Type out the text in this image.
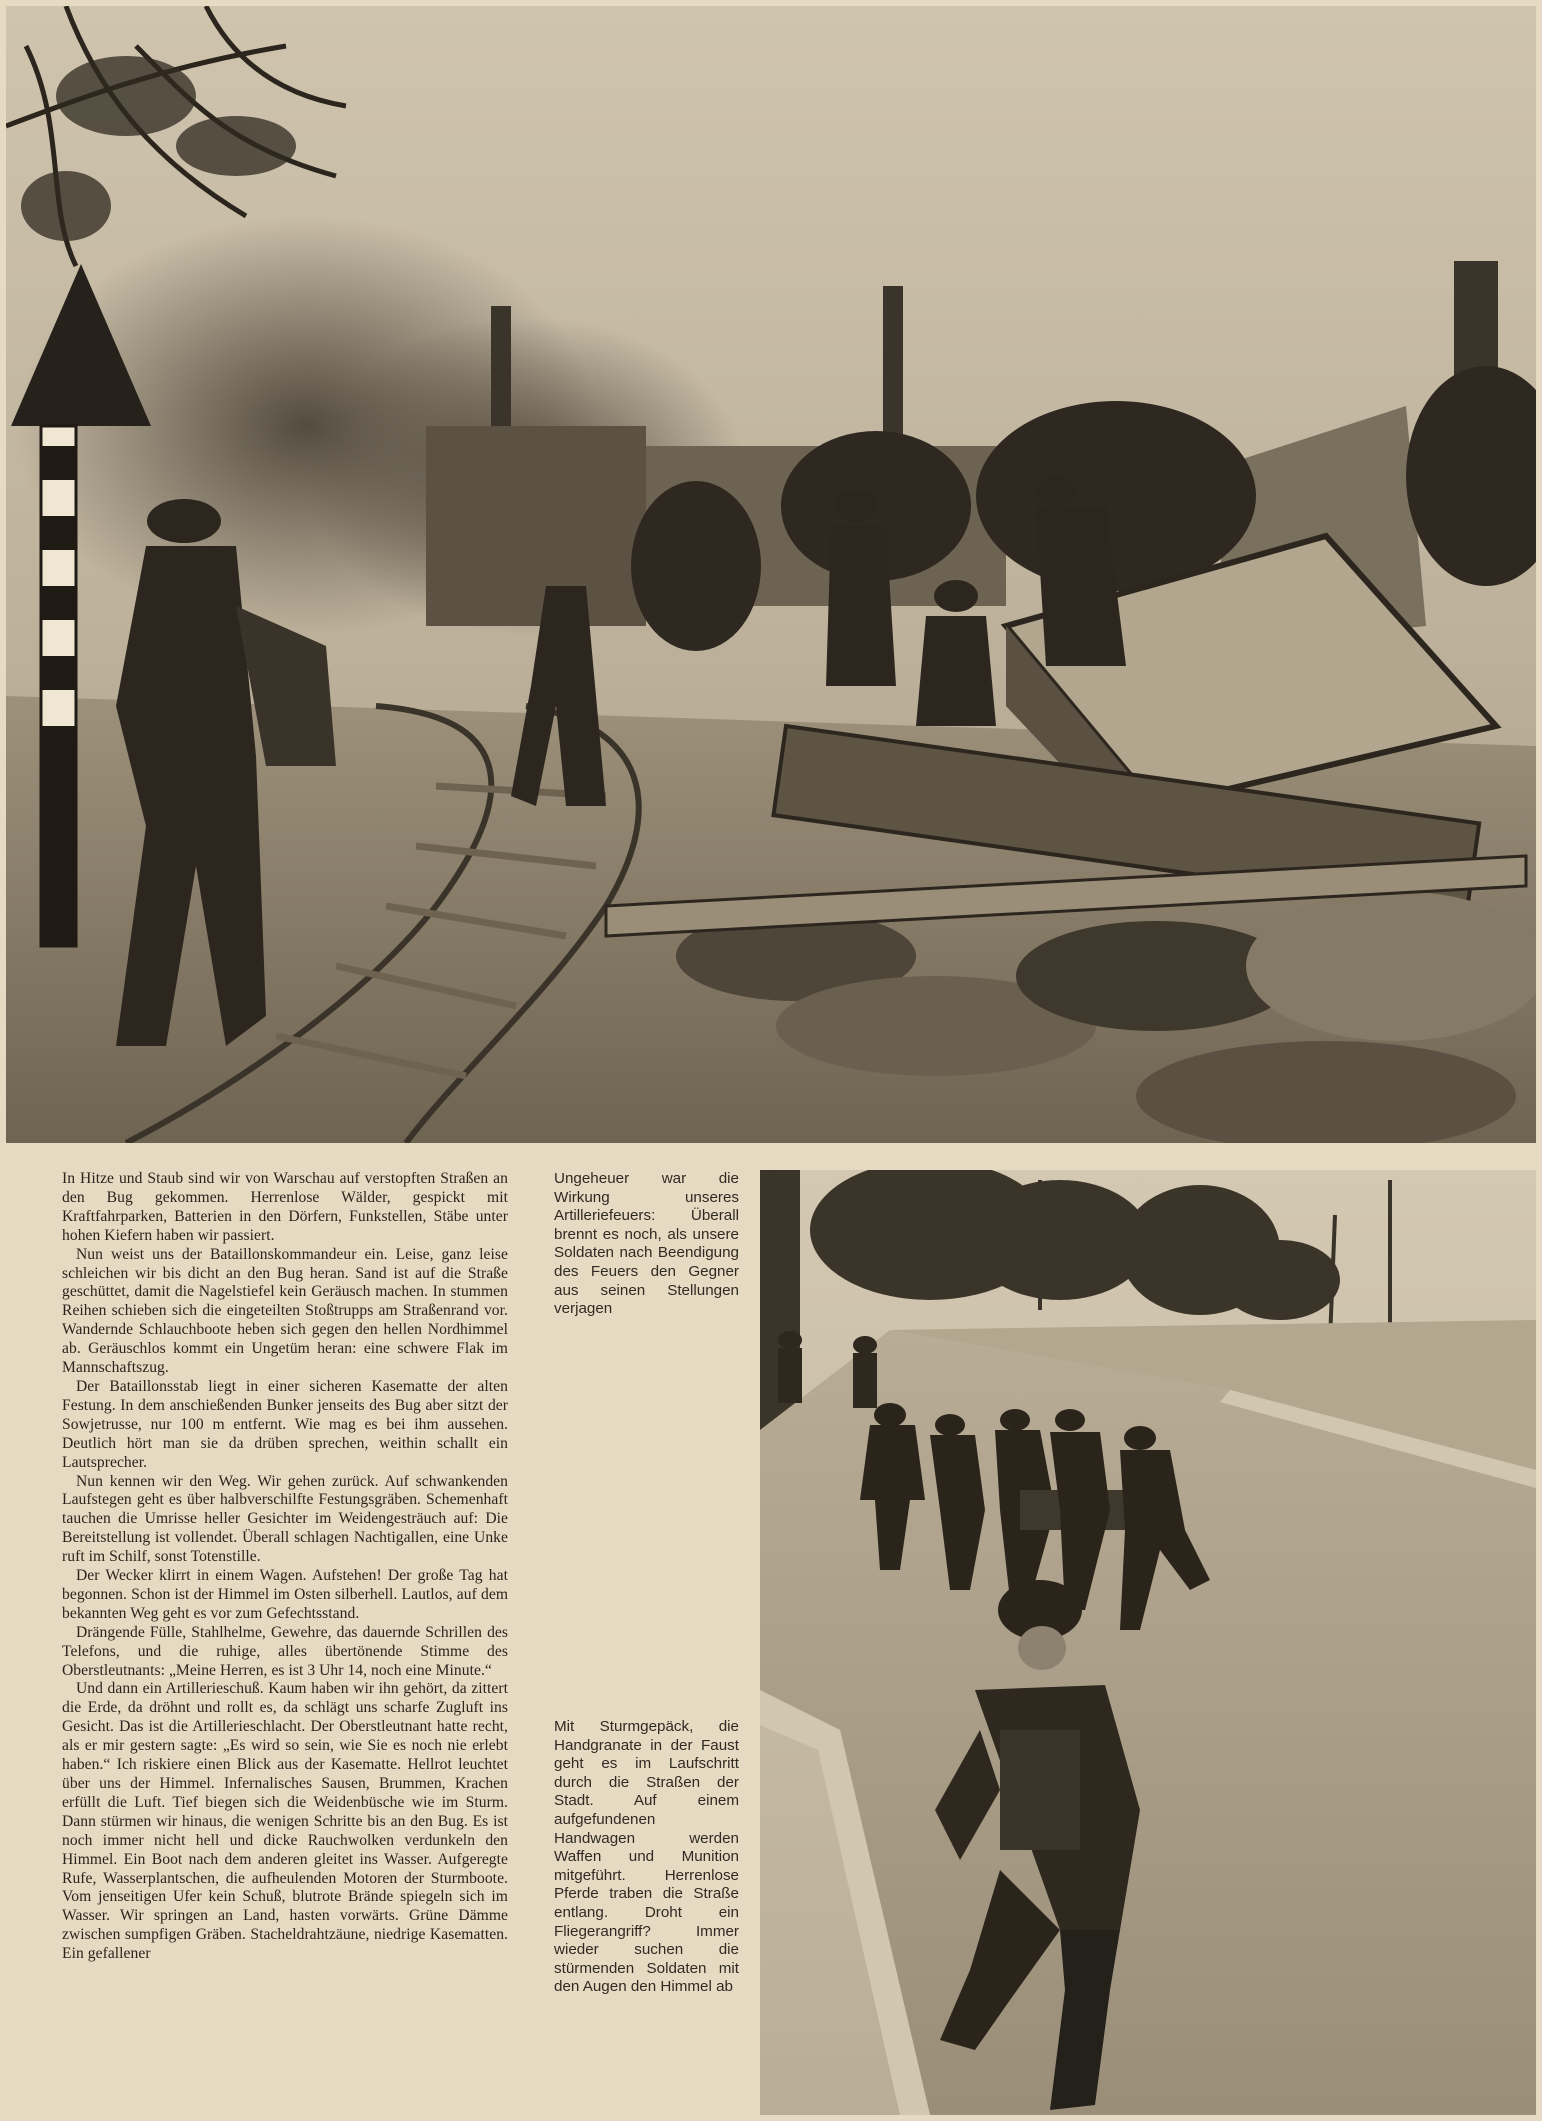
In Hitze und Staub sind wir von Warschau auf verstopften Straßen an den Bug gekommen. Herrenlose Wälder, gespickt mit Kraftfahrparken, Batterien in den Dörfern, Funkstellen, Stäbe unter hohen Kiefern haben wir passiert.

Nun weist uns der Bataillonskommandeur ein. Leise, ganz leise schleichen wir bis dicht an den Bug heran. Sand ist auf die Straße geschüttet, damit die Nagelstiefel kein Geräusch machen. In stummen Reihen schieben sich die eingeteilten Stoßtrupps am Straßenrand vor. Wandernde Schlauchboote heben sich gegen den hellen Nordhimmel ab. Geräuschlos kommt ein Ungetüm heran: eine schwere Flak im Mannschaftszug.

Der Bataillonsstab liegt in einer sicheren Kasematte der alten Festung. In dem anschießenden Bunker jenseits des Bug aber sitzt der Sowjetrusse, nur 100 m entfernt. Wie mag es bei ihm aussehen. Deutlich hört man sie da drüben sprechen, weithin schallt ein Lautsprecher.

Nun kennen wir den Weg. Wir gehen zurück. Auf schwankenden Laufstegen geht es über halbverschilfte Festungsgräben. Schemenhaft tauchen die Umrisse heller Gesichter im Weidengesträuch auf: Die Bereitstellung ist vollendet. Überall schlagen Nachtigallen, eine Unke ruft im Schilf, sonst Totenstille.

Der Wecker klirrt in einem Wagen. Aufstehen! Der große Tag hat begonnen. Schon ist der Himmel im Osten silberhell. Lautlos, auf dem bekannten Weg geht es vor zum Gefechtsstand.

Drängende Fülle, Stahlhelme, Gewehre, das dauernde Schrillen des Telefons, und die ruhige, alles übertönende Stimme des Oberstleutnants: „Meine Herren, es ist 3 Uhr 14, noch eine Minute.“

Und dann ein Artillerieschuß. Kaum haben wir ihn gehört, da zittert die Erde, da dröhnt und rollt es, da schlägt uns scharfe Zugluft ins Gesicht. Das ist die Artillerieschlacht. Der Oberstleutnant hatte recht, als er mir gestern sagte: „Es wird so sein, wie Sie es noch nie erlebt haben.“ Ich riskiere einen Blick aus der Kasematte. Hellrot leuchtet über uns der Himmel. Infernalisches Sausen, Brummen, Krachen erfüllt die Luft. Tief biegen sich die Weidenbüsche wie im Sturm. Dann stürmen wir hinaus, die wenigen Schritte bis an den Bug. Es ist noch immer nicht hell und dicke Rauchwolken verdunkeln den Himmel. Ein Boot nach dem anderen gleitet ins Wasser. Aufgeregte Rufe, Wasserplantschen, die aufheulenden Motoren der Sturmboote. Vom jenseitigen Ufer kein Schuß, blutrote Brände spiegeln sich im Wasser. Wir springen an Land, hasten vorwärts. Grüne Dämme zwischen sumpfigen Gräben. Stacheldrahtzäune, niedrige Kasematten. Ein gefallener

Ungeheuer war die Wirkung unseres Artilleriefeuers: Überall brennt es noch, als unsere Soldaten nach Beendigung des Feuers den Gegner aus seinen Stellungen verjagen
Mit Sturmgepäck, die Handgranate in der Faust geht es im Laufschritt durch die Straßen der Stadt. Auf einem aufgefundenen Handwagen werden Waffen und Munition mitgeführt. Herrenlose Pferde traben die Straße entlang. Droht ein Fliegerangriff? Immer wieder suchen die stürmenden Soldaten mit den Augen den Himmel ab
